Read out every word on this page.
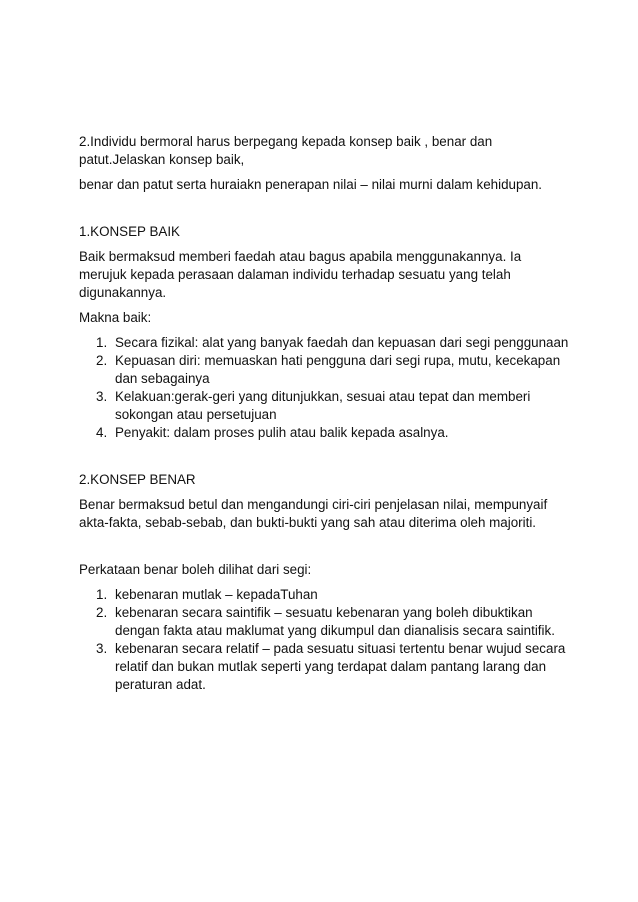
2.Individu bermoral harus berpegang kepada konsep baik , benar dan patut.Jelaskan konsep baik,

benar dan patut serta huraiakn penerapan nilai – nilai murni dalam kehidupan.

1.KONSEP BAIK

Baik bermaksud memberi faedah atau bagus apabila menggunakannya. Ia merujuk kepada perasaan dalaman individu terhadap sesuatu yang telah digunakannya.

Makna baik:

1. Secara fizikal: alat yang banyak faedah dan kepuasan dari segi penggunaan
2. Kepuasan diri: memuaskan hati pengguna dari segi rupa, mutu, kecekapan dan sebagainya
3. Kelakuan:gerak-geri yang ditunjukkan, sesuai atau tepat dan memberi sokongan atau persetujuan
4. Penyakit: dalam proses pulih atau balik kepada asalnya.

2.KONSEP BENAR

Benar bermaksud betul dan mengandungi ciri-ciri penjelasan nilai, mempunyaif akta-fakta, sebab-sebab, dan bukti-bukti yang sah atau diterima oleh majoriti.

Perkataan benar boleh dilihat dari segi:

1. kebenaran mutlak – kepadaTuhan
2. kebenaran secara saintifik – sesuatu kebenaran yang boleh dibuktikan dengan fakta atau maklumat yang dikumpul dan dianalisis secara saintifik.
3. kebenaran secara relatif – pada sesuatu situasi tertentu benar wujud secara relatif dan bukan mutlak seperti yang terdapat dalam pantang larang dan peraturan adat.
